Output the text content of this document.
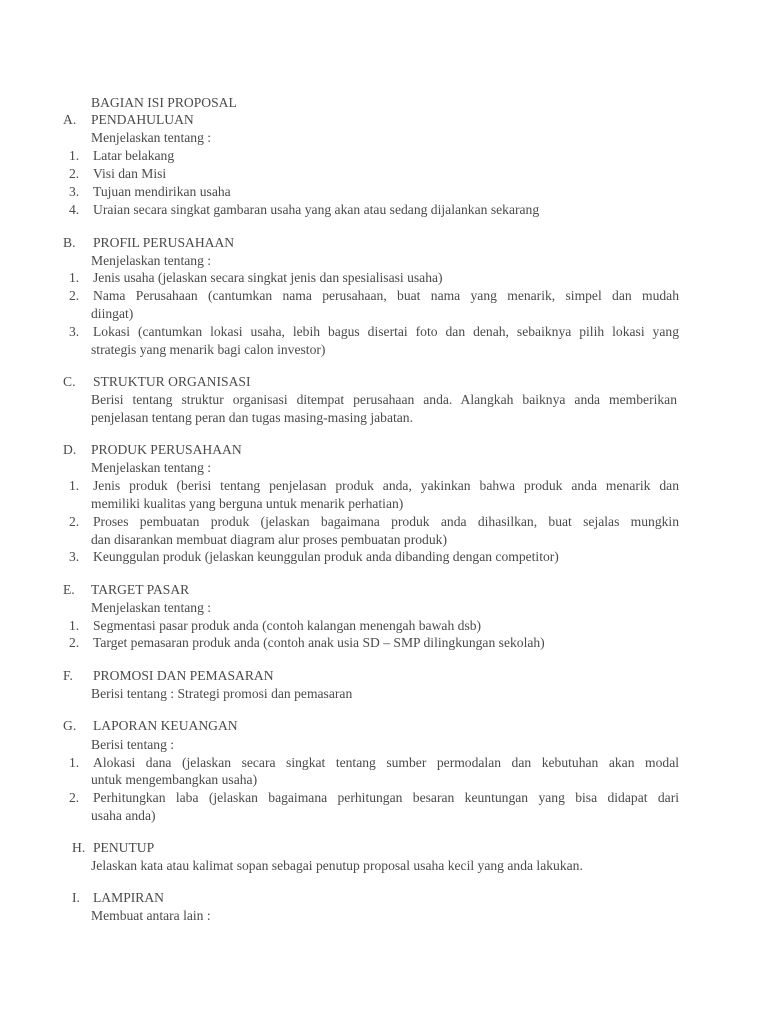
BAGIAN ISI PROPOSAL
A. PENDAHULUAN
Menjelaskan tentang :
1. Latar belakang
2. Visi dan Misi
3. Tujuan mendirikan usaha
4. Uraian secara singkat gambaran usaha yang akan atau sedang dijalankan sekarang
B. PROFIL PERUSAHAAN
Menjelaskan tentang :
1. Jenis usaha (jelaskan secara singkat jenis dan spesialisasi usaha)
2. Nama Perusahaan (cantumkan nama perusahaan, buat nama yang menarik, simpel dan mudah
diingat)
3. Lokasi (cantumkan lokasi usaha, lebih bagus disertai foto dan denah, sebaiknya pilih lokasi yang
strategis yang menarik bagi calon investor)
C. STRUKTUR ORGANISASI
Berisi tentang struktur organisasi ditempat perusahaan anda. Alangkah baiknya anda memberikan
penjelasan tentang peran dan tugas masing-masing jabatan.
D. PRODUK PERUSAHAAN
Menjelaskan tentang :
1. Jenis produk (berisi tentang penjelasan produk anda, yakinkan bahwa produk anda menarik dan
memiliki kualitas yang berguna untuk menarik perhatian)
2. Proses pembuatan produk (jelaskan bagaimana produk anda dihasilkan, buat sejalas mungkin
dan disarankan membuat diagram alur proses pembuatan produk)
3. Keunggulan produk (jelaskan keunggulan produk anda dibanding dengan competitor)
E. TARGET PASAR
Menjelaskan tentang :
1. Segmentasi pasar produk anda (contoh kalangan menengah bawah dsb)
2. Target pemasaran produk anda (contoh anak usia SD – SMP dilingkungan sekolah)
F. PROMOSI DAN PEMASARAN
Berisi tentang : Strategi promosi dan pemasaran
G. LAPORAN KEUANGAN
Berisi tentang :
1. Alokasi dana (jelaskan secara singkat tentang sumber permodalan dan kebutuhan akan modal
untuk mengembangkan usaha)
2. Perhitungkan laba (jelaskan bagaimana perhitungan besaran keuntungan yang bisa didapat dari
usaha anda)
H. PENUTUP
Jelaskan kata atau kalimat sopan sebagai penutup proposal usaha kecil yang anda lakukan.
I. LAMPIRAN
Membuat antara lain :
